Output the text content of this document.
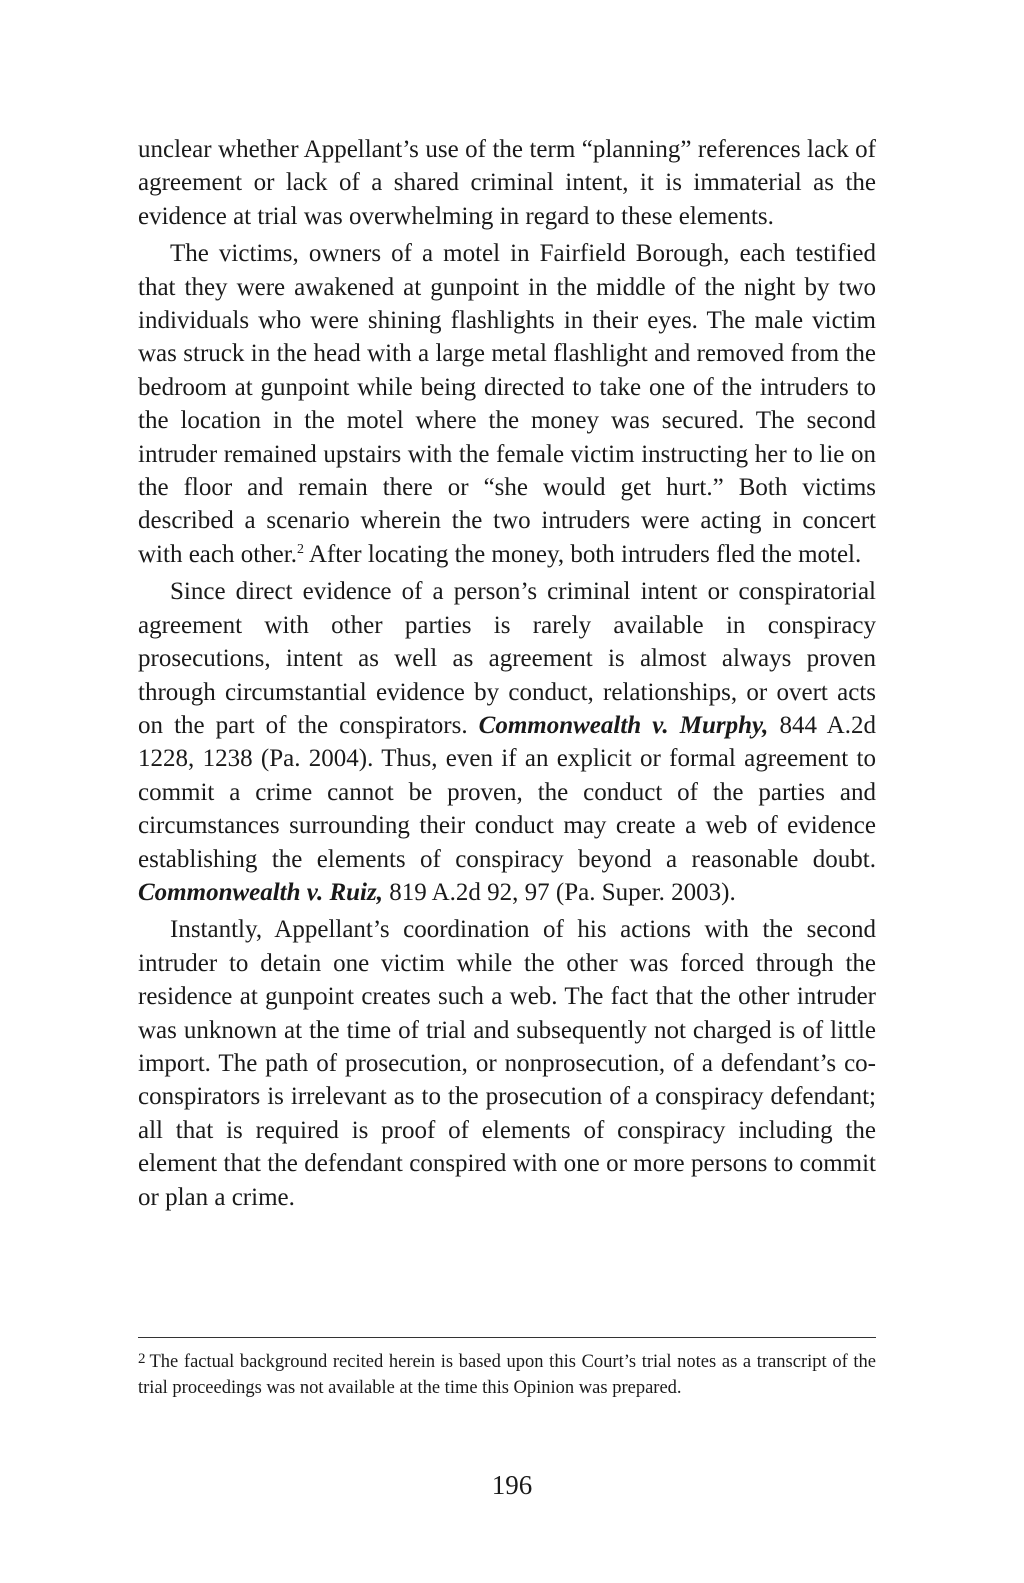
unclear whether Appellant’s use of the term “planning” references lack of agreement or lack of a shared criminal intent, it is immaterial as the evidence at trial was overwhelming in regard to these elements.

The victims, owners of a motel in Fairfield Borough, each testified that they were awakened at gunpoint in the middle of the night by two individuals who were shining flashlights in their eyes. The male victim was struck in the head with a large metal flashlight and removed from the bedroom at gunpoint while being directed to take one of the intruders to the location in the motel where the money was secured. The second intruder remained upstairs with the female victim instructing her to lie on the floor and remain there or “she would get hurt.” Both victims described a scenario wherein the two intruders were acting in concert with each other.$^2$ After locating the money, both intruders fled the motel.

Since direct evidence of a person’s criminal intent or conspiratorial agreement with other parties is rarely available in conspiracy prosecutions, intent as well as agreement is almost always proven through circumstantial evidence by conduct, relationships, or overt acts on the part of the conspirators. Commonwealth v. Murphy, 844 A.2d 1228, 1238 (Pa. 2004). Thus, even if an explicit or formal agreement to commit a crime cannot be proven, the conduct of the parties and circumstances surrounding their conduct may create a web of evidence establishing the elements of conspiracy beyond a reasonable doubt. Commonwealth v. Ruiz, 819 A.2d 92, 97 (Pa. Super. 2003).

Instantly, Appellant’s coordination of his actions with the second intruder to detain one victim while the other was forced through the residence at gunpoint creates such a web. The fact that the other intruder was unknown at the time of trial and subsequently not charged is of little import. The path of prosecution, or nonprosecution, of a defendant’s co-conspirators is irrelevant as to the prosecution of a conspiracy defendant; all that is required is proof of elements of conspiracy including the element that the defendant conspired with one or more persons to commit or plan a crime.

$^2$ The factual background recited herein is based upon this Court’s trial notes as a transcript of the trial proceedings was not available at the time this Opinion was prepared.
196
